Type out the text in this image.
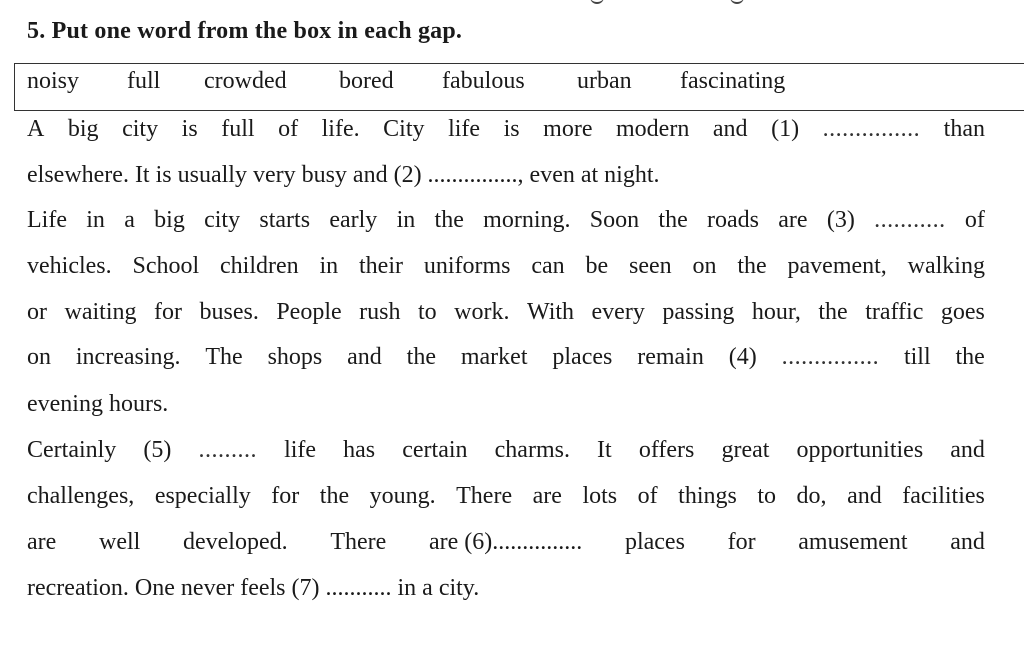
5. Put one word from the box in each gap.
noisy full crowded bored fabulous urban fascinating
A big city is full of life. City life is more modern and (1) ............... than
elsewhere. It is usually very busy and (2) ..............., even at night.
Life in a big city starts early in the morning. Soon the roads are (3) ........... of
vehicles. School children in their uniforms can be seen on the pavement, walking
or waiting for buses. People rush to work. With every passing hour, the traffic goes
on increasing. The shops and the market places remain (4) ............... till the
evening hours.
Certainly (5) ......... life has certain charms. It offers great opportunities and
challenges, especially for the young. There are lots of things to do, and facilities
are well developed. There are (6)............... places for amusement and
recreation. One never feels (7) ........... in a city.
